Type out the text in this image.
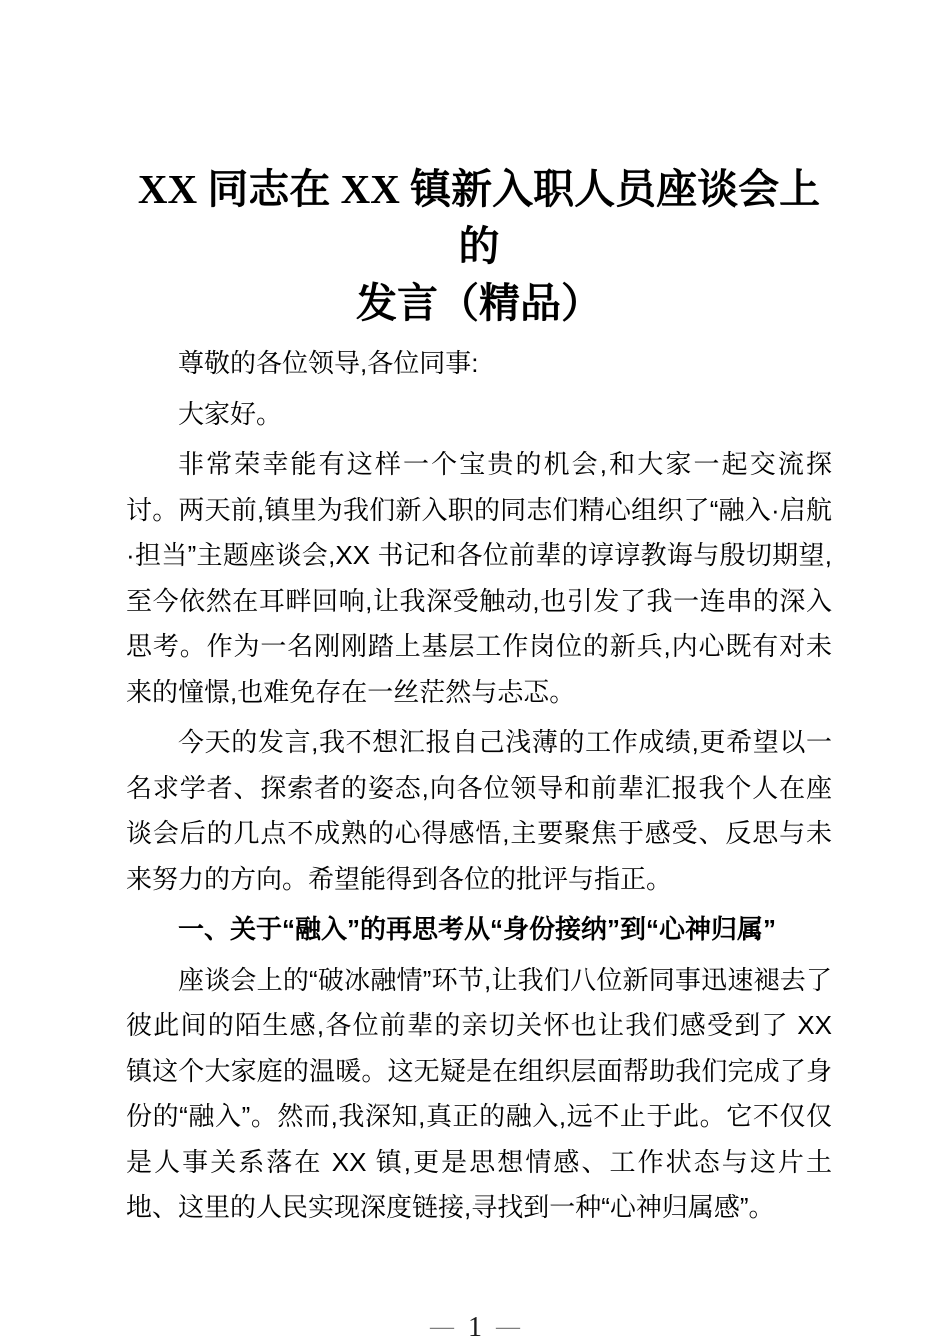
XX 同志在 XX 镇新入职人员座谈会上的
发言（精品）
尊敬的各位领导,各位同事:
大家好。
非常荣幸能有这样一个宝贵的机会,和大家一起交流探讨。两天前,镇里为我们新入职的同志们精心组织了“融入·启航·担当”主题座谈会,XX 书记和各位前辈的谆谆教诲与殷切期望,至今依然在耳畔回响,让我深受触动,也引发了我一连串的深入思考。作为一名刚刚踏上基层工作岗位的新兵,内心既有对未来的憧憬,也难免存在一丝茫然与忐忑。
今天的发言,我不想汇报自己浅薄的工作成绩,更希望以一名求学者、探索者的姿态,向各位领导和前辈汇报我个人在座谈会后的几点不成熟的心得感悟,主要聚焦于感受、反思与未来努力的方向。希望能得到各位的批评与指正。
一、关于“融入”的再思考从“身份接纳”到“心神归属”
座谈会上的“破冰融情”环节,让我们八位新同事迅速褪去了彼此间的陌生感,各位前辈的亲切关怀也让我们感受到了 XX 镇这个大家庭的温暖。这无疑是在组织层面帮助我们完成了身份的“融入”。然而,我深知,真正的融入,远不止于此。它不仅仅是人事关系落在 XX 镇,更是思想情感、工作状态与这片土地、这里的人民实现深度链接,寻找到一种“心神归属感”。
— 1 —
